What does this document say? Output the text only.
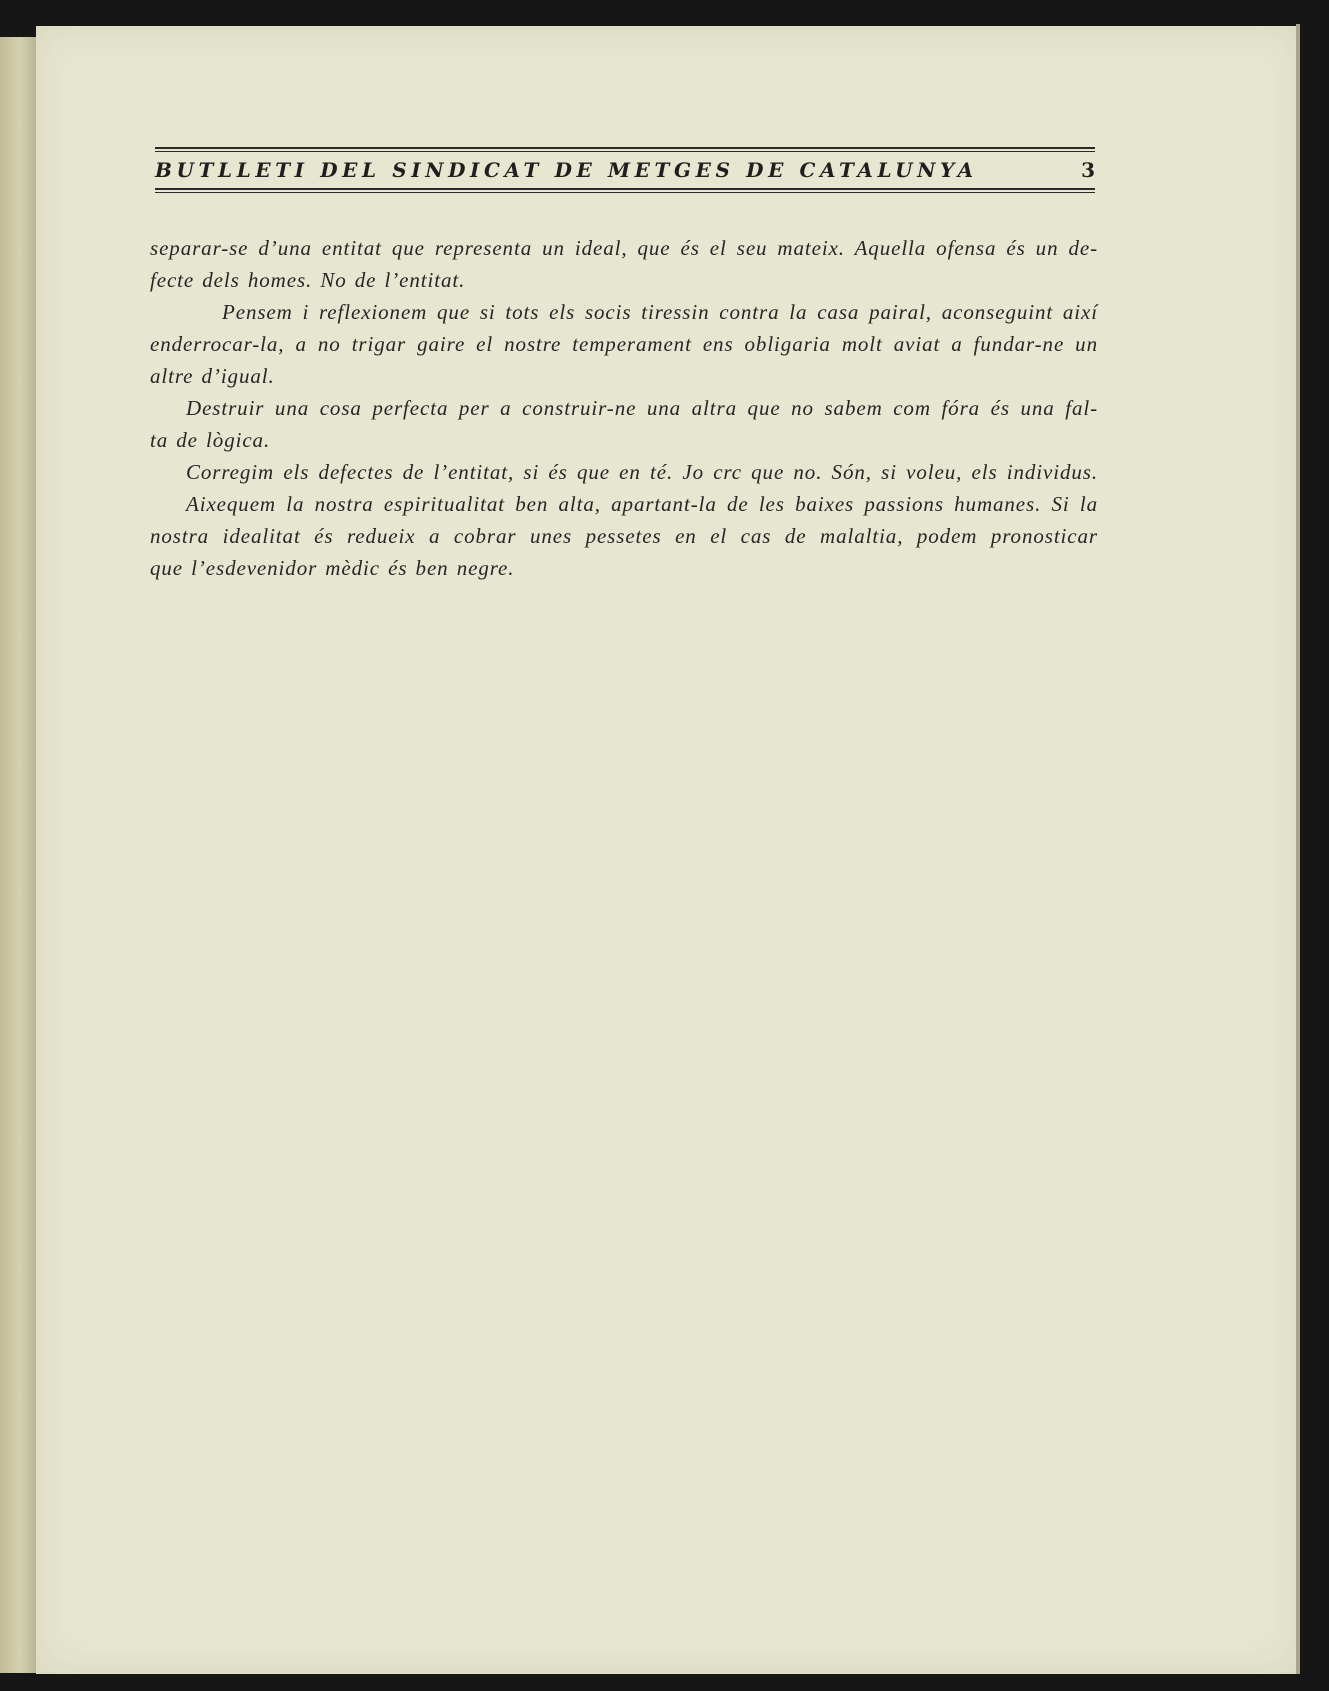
BUTLLETI DEL SINDICAT DE METGES DE CATALUNYA	3
separar-se d’una entitat que representa un ideal, que és el seu mateix. Aquella ofensa és un de-
fecte dels homes. No de l’entitat.
Pensem i reflexionem que si tots els socis tiressin contra la casa pairal, aconseguint així
enderrocar-la, a no trigar gaire el nostre temperament ens obligaria molt aviat a fundar-ne un
altre d’igual.
Destruir una cosa perfecta per a construir-ne una altra que no sabem com fóra és una fal-
ta de lògica.
Corregim els defectes de l’entitat, si és que en té. Jo crc que no. Són, si voleu, els individus.
Aixequem la nostra espiritualitat ben alta, apartant-la de les baixes passions humanes. Si la
nostra idealitat és redueix a cobrar unes pessetes en el cas de malaltia, podem pronosticar
que l’esdevenidor mèdic és ben negre.
